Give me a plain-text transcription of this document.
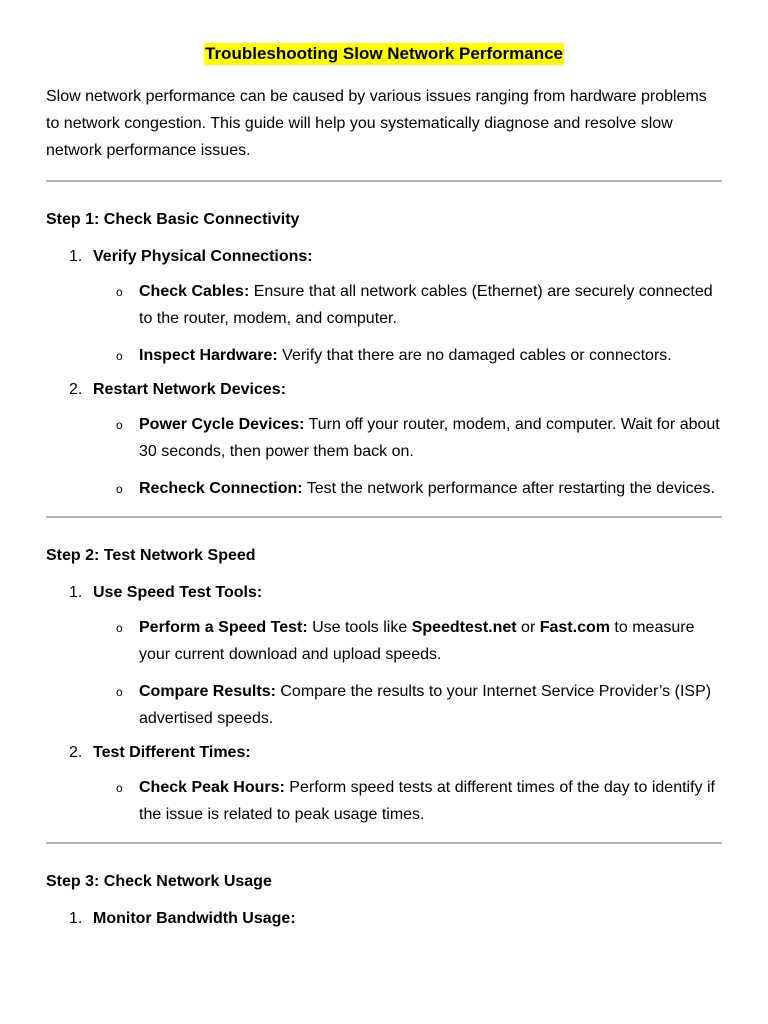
Troubleshooting Slow Network Performance

Slow network performance can be caused by various issues ranging from hardware problems to network congestion. This guide will help you systematically diagnose and resolve slow network performance issues.

Step 1: Check Basic Connectivity
1. Verify Physical Connections:
o Check Cables: Ensure that all network cables (Ethernet) are securely connected to the router, modem, and computer.
o Inspect Hardware: Verify that there are no damaged cables or connectors.
2. Restart Network Devices:
o Power Cycle Devices: Turn off your router, modem, and computer. Wait for about 30 seconds, then power them back on.
o Recheck Connection: Test the network performance after restarting the devices.
Step 2: Test Network Speed
1. Use Speed Test Tools:
o Perform a Speed Test: Use tools like Speedtest.net or Fast.com to measure your current download and upload speeds.
o Compare Results: Compare the results to your Internet Service Provider’s (ISP) advertised speeds.
2. Test Different Times:
o Check Peak Hours: Perform speed tests at different times of the day to identify if the issue is related to peak usage times.
Step 3: Check Network Usage
1. Monitor Bandwidth Usage:
